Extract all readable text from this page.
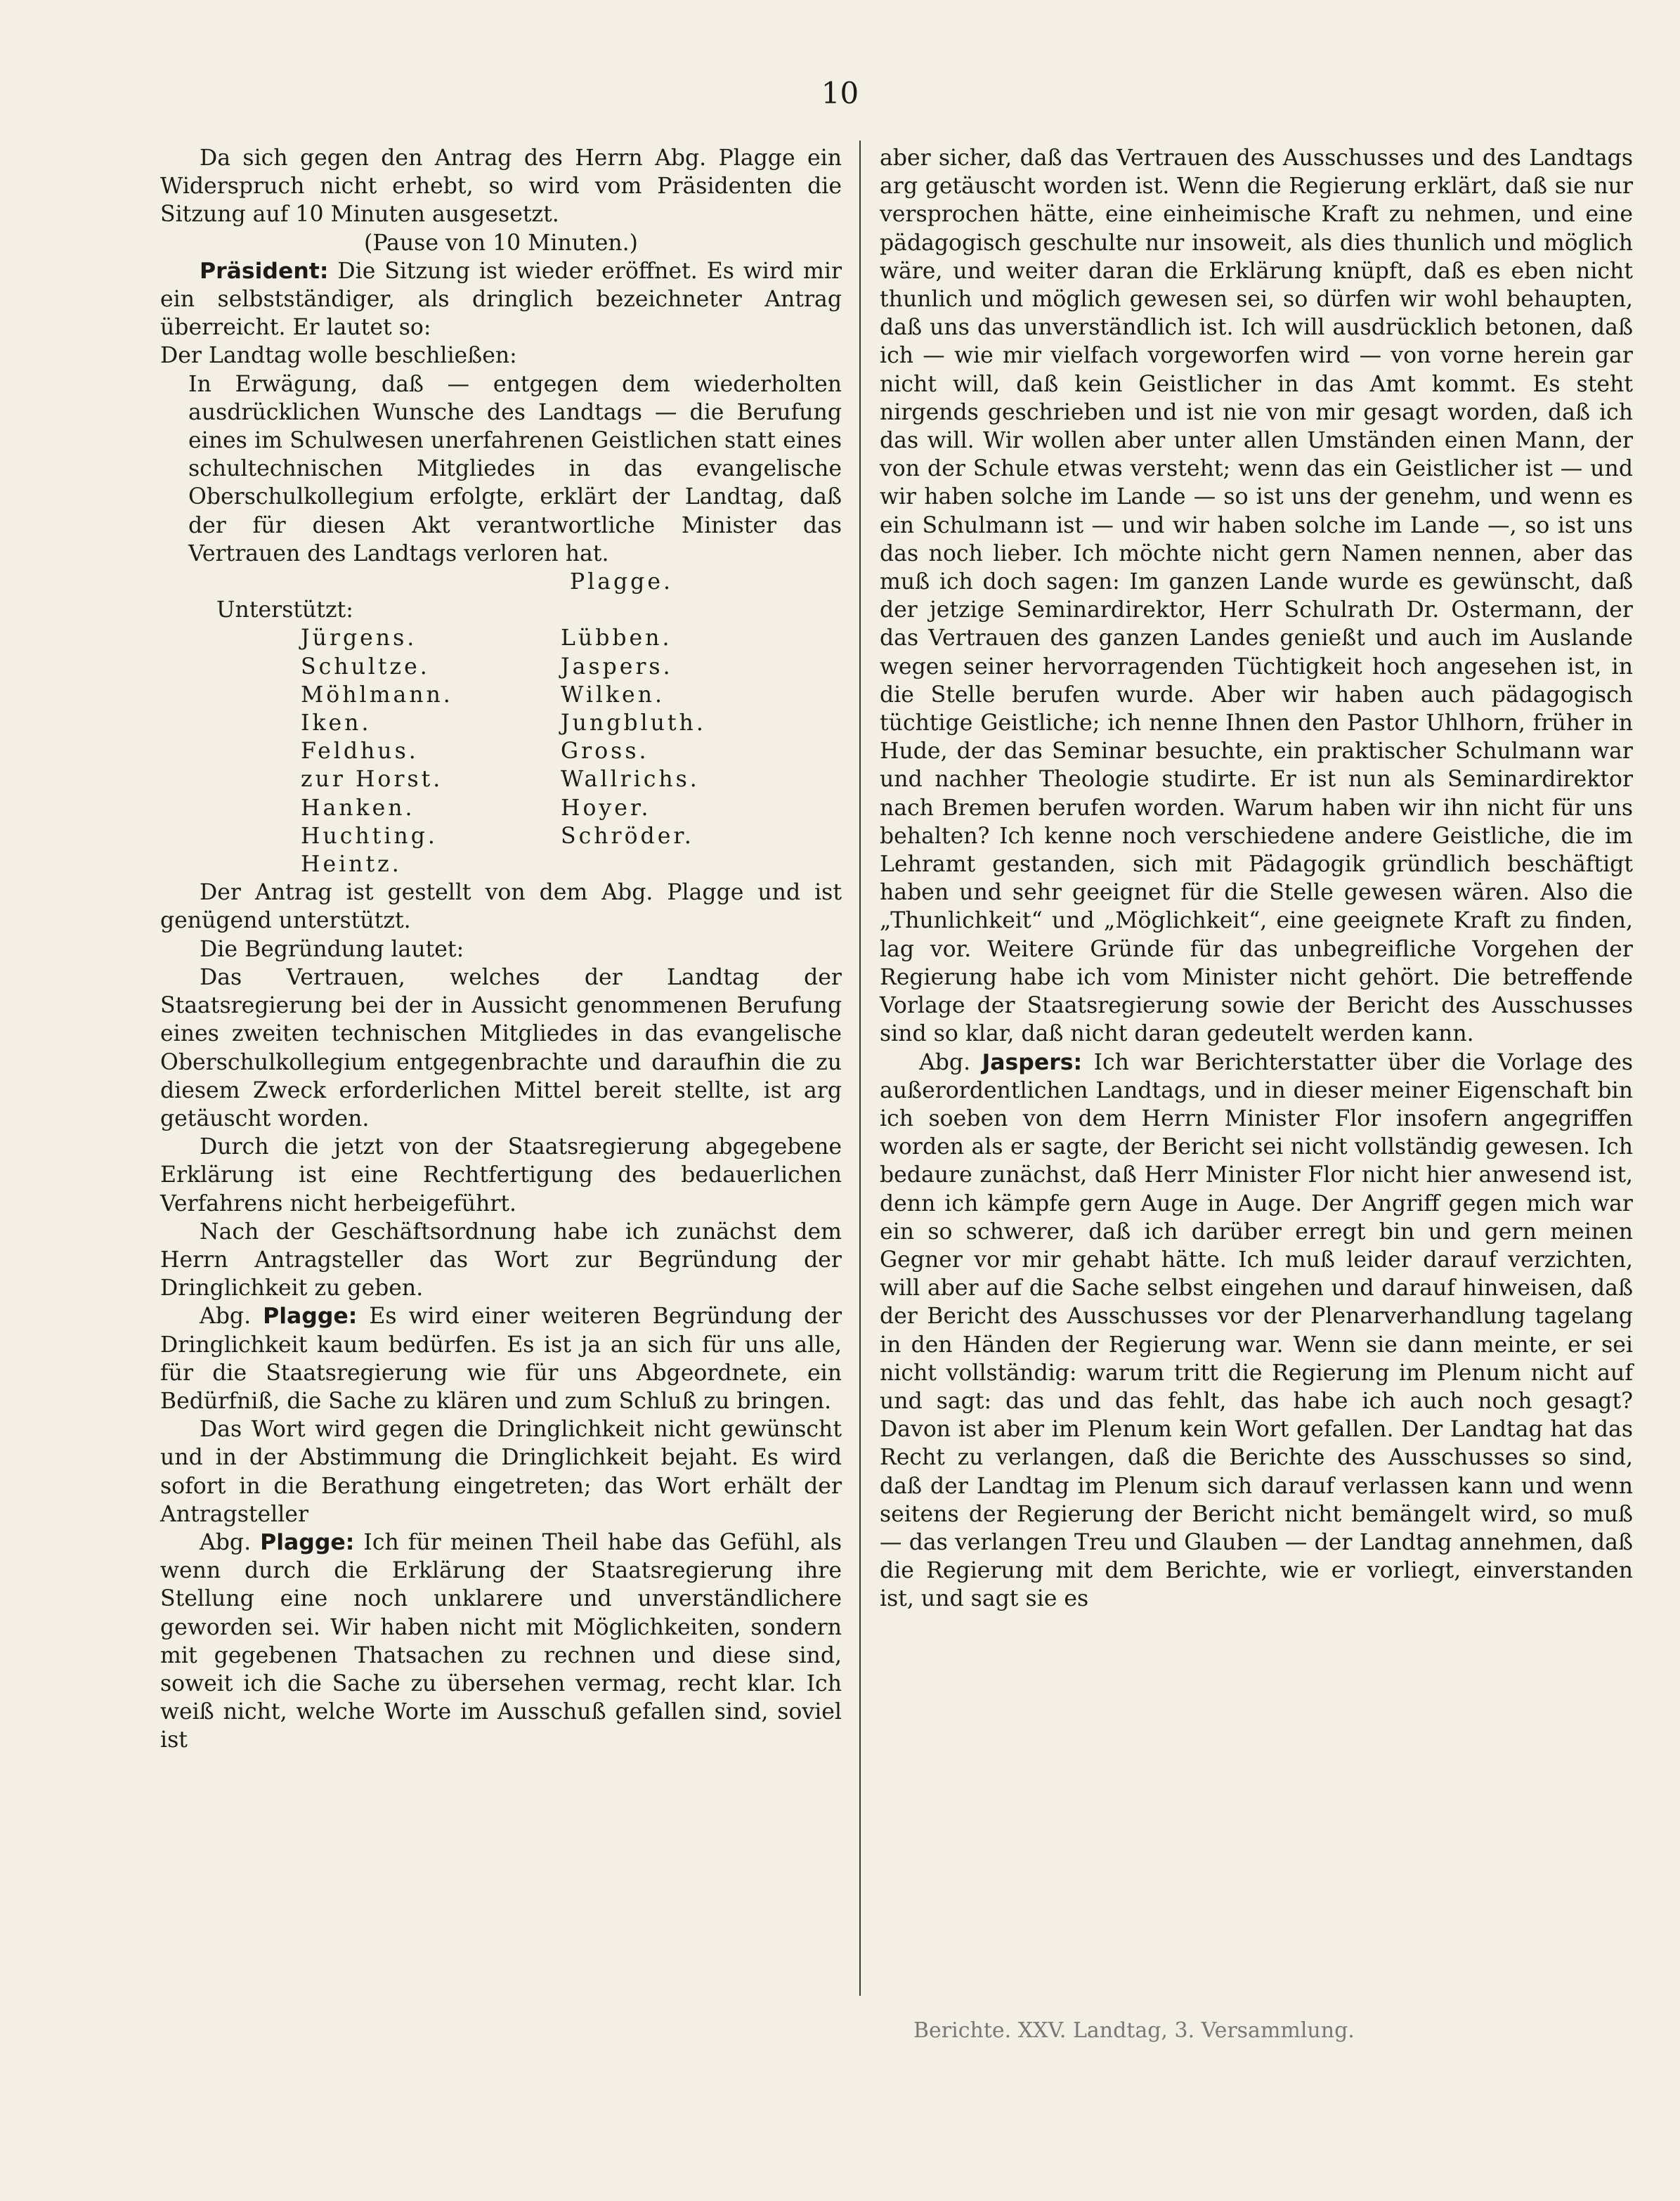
10

Da sich gegen den Antrag des Herrn Abg. Plagge ein Widerspruch nicht erhebt, so wird vom Präsidenten die Sitzung auf 10 Minuten ausgesetzt.

(Pause von 10 Minuten.)

Präsident: Die Sitzung ist wieder eröffnet. Es wird mir ein selbstständiger, als dringlich bezeichneter Antrag überreicht. Er lautet so:

Der Landtag wolle beschließen:

In Erwägung, daß — entgegen dem wiederholten ausdrücklichen Wunsche des Landtags — die Berufung eines im Schulwesen unerfahrenen Geistlichen statt eines schultechnischen Mitgliedes in das evangelische Oberschulkollegium erfolgte, erklärt der Landtag, daß der für diesen Akt verantwortliche Minister das Vertrauen des Landtags verloren hat.

Plagge.

Unterstützt:
Jürgens.	Lübben.
Schultze.	Jaspers.
Möhlmann.	Wilken.
Iken.	Jungbluth.
Feldhus.	Gross.
zur Horst.	Wallrichs.
Hanken.	Hoyer.
Huchting.	Schröder.
Heintz.

Der Antrag ist gestellt von dem Abg. Plagge und ist genügend unterstützt.

Die Begründung lautet:

Das Vertrauen, welches der Landtag der Staatsregierung bei der in Aussicht genommenen Berufung eines zweiten technischen Mitgliedes in das evangelische Oberschulkollegium entgegenbrachte und daraufhin die zu diesem Zweck erforderlichen Mittel bereit stellte, ist arg getäuscht worden.

Durch die jetzt von der Staatsregierung abgegebene Erklärung ist eine Rechtfertigung des bedauerlichen Verfahrens nicht herbeigeführt.

Nach der Geschäftsordnung habe ich zunächst dem Herrn Antragsteller das Wort zur Begründung der Dringlichkeit zu geben.

Abg. Plagge: Es wird einer weiteren Begründung der Dringlichkeit kaum bedürfen. Es ist ja an sich für uns alle, für die Staatsregierung wie für uns Abgeordnete, ein Bedürfniß, die Sache zu klären und zum Schluß zu bringen.

Das Wort wird gegen die Dringlichkeit nicht gewünscht und in der Abstimmung die Dringlichkeit bejaht. Es wird sofort in die Berathung eingetreten; das Wort erhält der Antragsteller

Abg. Plagge: Ich für meinen Theil habe das Gefühl, als wenn durch die Erklärung der Staatsregierung ihre Stellung eine noch unklarere und unverständlichere geworden sei. Wir haben nicht mit Möglichkeiten, sondern mit gegebenen Thatsachen zu rechnen und diese sind, soweit ich die Sache zu übersehen vermag, recht klar. Ich weiß nicht, welche Worte im Ausschuß gefallen sind, soviel ist

aber sicher, daß das Vertrauen des Ausschusses und des Landtags arg getäuscht worden ist. Wenn die Regierung erklärt, daß sie nur versprochen hätte, eine einheimische Kraft zu nehmen, und eine pädagogisch geschulte nur insoweit, als dies thunlich und möglich wäre, und weiter daran die Erklärung knüpft, daß es eben nicht thunlich und möglich gewesen sei, so dürfen wir wohl behaupten, daß uns das unverständlich ist. Ich will ausdrücklich betonen, daß ich — wie mir vielfach vorgeworfen wird — von vorne herein gar nicht will, daß kein Geistlicher in das Amt kommt. Es steht nirgends geschrieben und ist nie von mir gesagt worden, daß ich das will. Wir wollen aber unter allen Umständen einen Mann, der von der Schule etwas versteht; wenn das ein Geistlicher ist — und wir haben solche im Lande — so ist uns der genehm, und wenn es ein Schulmann ist — und wir haben solche im Lande —, so ist uns das noch lieber. Ich möchte nicht gern Namen nennen, aber das muß ich doch sagen: Im ganzen Lande wurde es gewünscht, daß der jetzige Seminardirektor, Herr Schulrath Dr. Ostermann, der das Vertrauen des ganzen Landes genießt und auch im Auslande wegen seiner hervorragenden Tüchtigkeit hoch angesehen ist, in die Stelle berufen wurde. Aber wir haben auch pädagogisch tüchtige Geistliche; ich nenne Ihnen den Pastor Uhlhorn, früher in Hude, der das Seminar besuchte, ein praktischer Schulmann war und nachher Theologie studirte. Er ist nun als Seminardirektor nach Bremen berufen worden. Warum haben wir ihn nicht für uns behalten? Ich kenne noch verschiedene andere Geistliche, die im Lehramt gestanden, sich mit Pädagogik gründlich beschäftigt haben und sehr geeignet für die Stelle gewesen wären. Also die „Thunlichkeit“ und „Möglichkeit“, eine geeignete Kraft zu finden, lag vor. Weitere Gründe für das unbegreifliche Vorgehen der Regierung habe ich vom Minister nicht gehört. Die betreffende Vorlage der Staatsregierung sowie der Bericht des Ausschusses sind so klar, daß nicht daran gedeutelt werden kann.

Abg. Jaspers: Ich war Berichterstatter über die Vorlage des außerordentlichen Landtags, und in dieser meiner Eigenschaft bin ich soeben von dem Herrn Minister Flor insofern angegriffen worden als er sagte, der Bericht sei nicht vollständig gewesen. Ich bedaure zunächst, daß Herr Minister Flor nicht hier anwesend ist, denn ich kämpfe gern Auge in Auge. Der Angriff gegen mich war ein so schwerer, daß ich darüber erregt bin und gern meinen Gegner vor mir gehabt hätte. Ich muß leider darauf verzichten, will aber auf die Sache selbst eingehen und darauf hinweisen, daß der Bericht des Ausschusses vor der Plenarverhandlung tagelang in den Händen der Regierung war. Wenn sie dann meinte, er sei nicht vollständig: warum tritt die Regierung im Plenum nicht auf und sagt: das und das fehlt, das habe ich auch noch gesagt? Davon ist aber im Plenum kein Wort gefallen. Der Landtag hat das Recht zu verlangen, daß die Berichte des Ausschusses so sind, daß der Landtag im Plenum sich darauf verlassen kann und wenn seitens der Regierung der Bericht nicht bemängelt wird, so muß — das verlangen Treu und Glauben — der Landtag annehmen, daß die Regierung mit dem Berichte, wie er vorliegt, einverstanden ist, und sagt sie es

Berichte. XXV. Landtag, 3. Versammlung.
